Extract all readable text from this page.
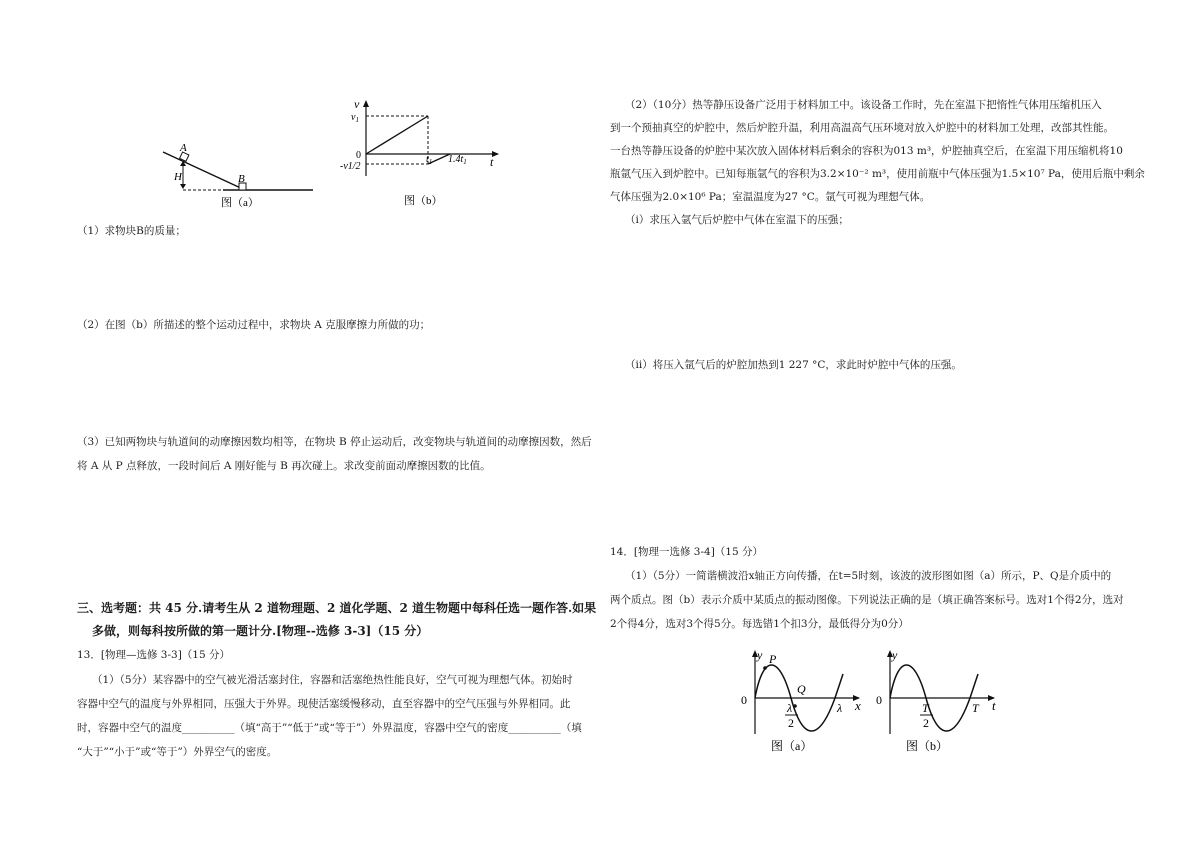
A
H	B
图（a）
v
$v_1$
0
-v1/2
$t_1$ $1.4t_1$ t
图（b）
（1）求物块B的质量；
（2）在图（b）所描述的整个运动过程中，求物块 A 克服摩擦力所做的功；
（3）已知两物块与轨道间的动摩擦因数均相等，在物块 B 停止运动后，改变物块与轨道间的动摩擦因数，然后
将 A 从 P 点释放，一段时间后 A 刚好能与 B 再次碰上。求改变前面动摩擦因数的比值。
三、选考题：共 45 分.请考生从 2 道物理题、2 道化学题、2 道生物题中每科任选一题作答.如果
多做，则每科按所做的第一题计分.[物理--选修 3-3]（15 分）
13．[物理—选修 3-3]（15 分）
（1）（5分）某容器中的空气被光滑活塞封住，容器和活塞绝热性能良好，空气可视为理想气体。初始时
容器中空气的温度与外界相同，压强大于外界。现使活塞缓慢移动，直至容器中的空气压强与外界相同。此
时，容器中空气的温度__________（填“高于”“低于”或“等于”）外界温度，容器中空气的密度__________（填
“大于”“小于”或“等于”）外界空气的密度。
（2）（10分）热等静压设备广泛用于材料加工中。该设备工作时，先在室温下把惰性气体用压缩机压入
到一个预抽真空的炉腔中，然后炉腔升温，利用高温高气压环境对放入炉腔中的材料加工处理，改部其性能。
一台热等静压设备的炉腔中某次放入固体材料后剩余的容积为013 m³，炉腔抽真空后，在室温下用压缩机将10
瓶氩气压入到炉腔中。已知每瓶氩气的容积为3.2×10⁻² m³，使用前瓶中气体压强为1.5×10⁷ Pa，使用后瓶中剩余
气体压强为2.0×10⁶ Pa；室温温度为27 °C。氩气可视为理想气体。
（i）求压入氩气后炉腔中气体在室温下的压强；
（ii）将压入氩气后的炉腔加热到1 227 °C，求此时炉腔中气体的压强。
14．[物理一选修 3-4]（15 分）
（1）（5分）一简谐横波沿x轴正方向传播，在t=5时刻，该波的波形图如图（a）所示，P、Q是介质中的
两个质点。图（b）表示介质中某质点的振动图像。下列说法正确的是（填正确答案标号。选对1个得2分，选对
2个得4分，选对3个得5分。每选错1个扣3分，最低得分为0分）
y P
Q
0
λ
2
λ x
图（a）
y
0
T
2
T t
图（b）
